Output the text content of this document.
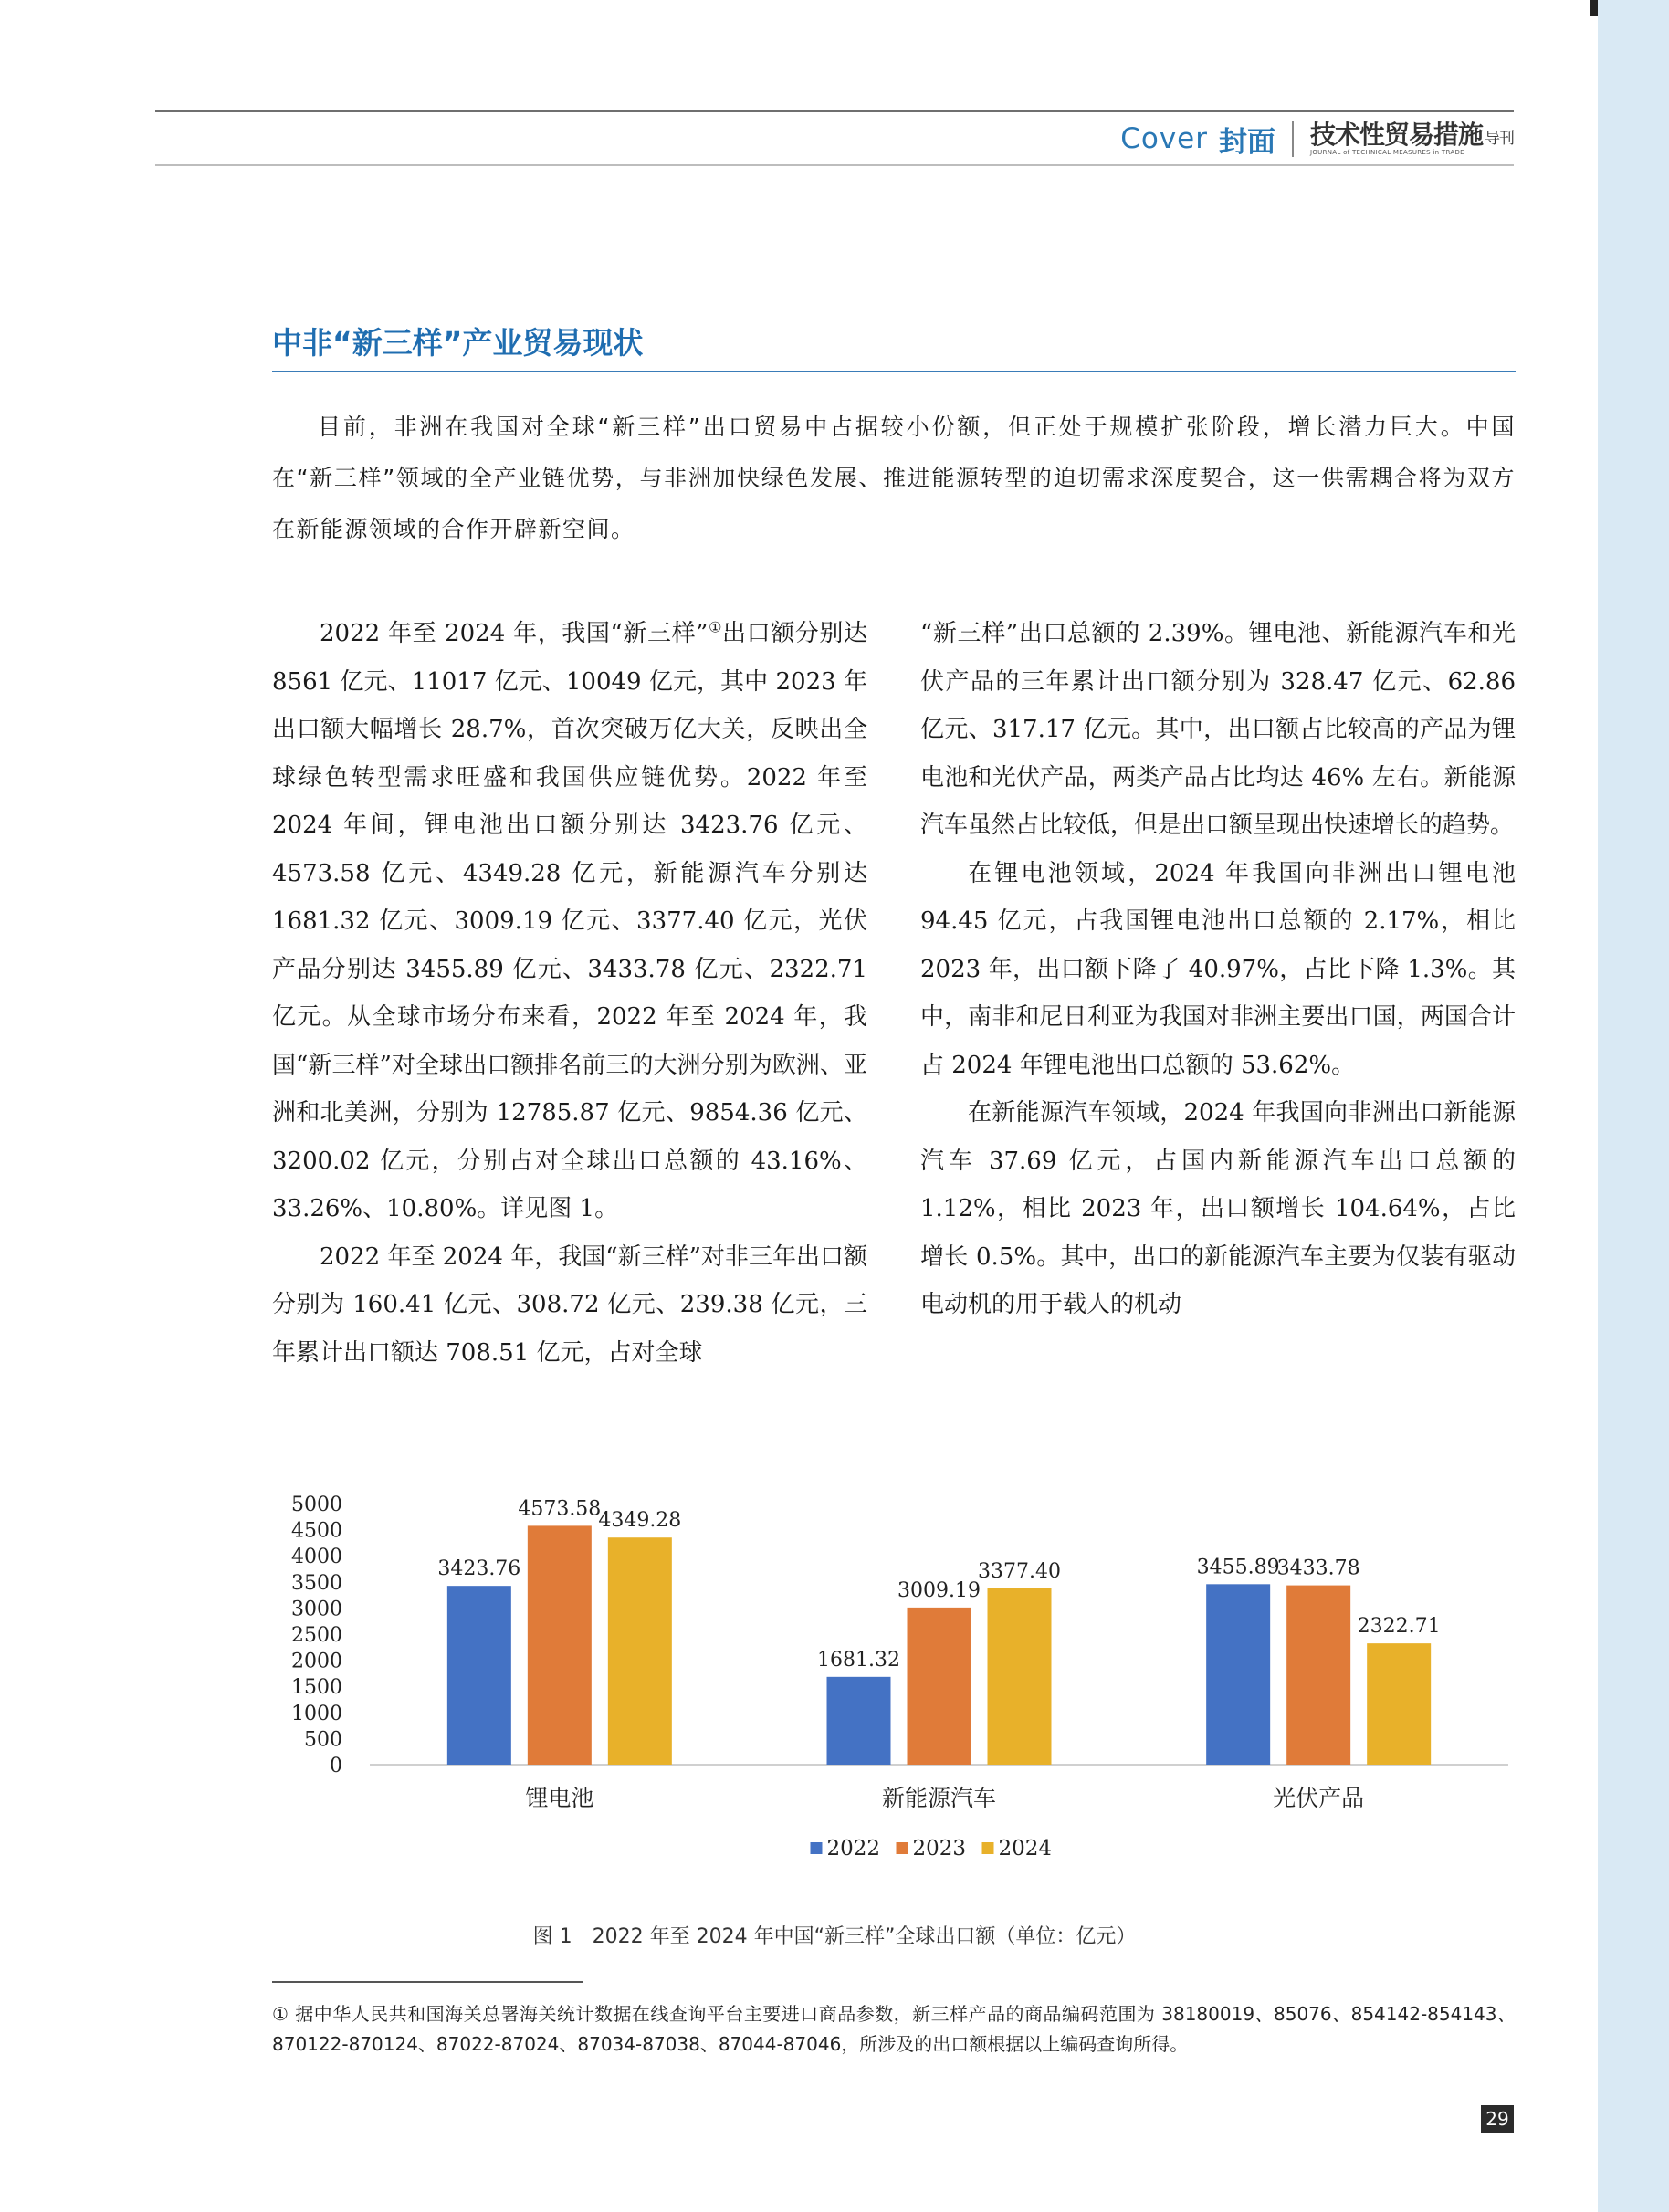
Cover 封面 技术性贸易措施 导刊
JOURNAL of TECHNICAL MEASURES in TRADE
中非“新三样”产业贸易现状

目前，非洲在我国对全球“新三样”出口贸易中占据较小份额，但正处于规模扩张阶段，增长潜力巨大。中国在“新三样”领域的全产业链优势，与非洲加快绿色发展、推进能源转型的迫切需求深度契合，这一供需耦合将为双方在新能源领域的合作开辟新空间。

2022 年至 2024 年，我国“新三样”①出口额分别达 8561 亿元、11017 亿元、10049 亿元，其中 2023 年出口额大幅增长 28.7%，首次突破万亿大关，反映出全球绿色转型需求旺盛和我国供应链优势。2022 年至 2024 年间，锂电池出口额分别达 3423.76 亿元、4573.58 亿元、4349.28 亿元，新能源汽车分别达 1681.32 亿元、3009.19 亿元、3377.40 亿元，光伏产品分别达 3455.89 亿元、3433.78 亿元、2322.71 亿元。从全球市场分布来看，2022 年至 2024 年，我国“新三样”对全球出口额排名前三的大洲分别为欧洲、亚洲和北美洲，分别为 12785.87 亿元、9854.36 亿元、3200.02 亿元，分别占对全球出口总额的 43.16%、33.26%、10.80%。详见图 1。

2022 年至 2024 年，我国“新三样”对非三年出口额分别为 160.41 亿元、308.72 亿元、239.38 亿元，三年累计出口额达 708.51 亿元，占对全球

“新三样”出口总额的 2.39%。锂电池、新能源汽车和光伏产品的三年累计出口额分别为 328.47 亿元、62.86 亿元、317.17 亿元。其中，出口额占比较高的产品为锂电池和光伏产品，两类产品占比均达 46% 左右。新能源汽车虽然占比较低，但是出口额呈现出快速增长的趋势。

在锂电池领域，2024 年我国向非洲出口锂电池 94.45 亿元，占我国锂电池出口总额的 2.17%，相比 2023 年，出口额下降了 40.97%，占比下降 1.3%。其中，南非和尼日利亚为我国对非洲主要出口国，两国合计占 2024 年锂电池出口总额的 53.62%。

在新能源汽车领域，2024 年我国向非洲出口新能源汽车 37.69 亿元，占国内新能源汽车出口总额的 1.12%，相比 2023 年，出口额增长 104.64%，占比增长 0.5%。其中，出口的新能源汽车主要为仅装有驱动电动机的用于载人的机动

0
500
1000
1500
2000
2500
3000
3500
4000
4500
5000
3423.76
4573.58
4349.28
锂电池
1681.32
3009.19
3377.40
新能源汽车
3455.89
3433.78
2322.71
光伏产品
2022 2023 2024

图 1　2022 年至 2024 年中国“新三样”全球出口额（单位：亿元）

① 据中华人民共和国海关总署海关统计数据在线查询平台主要进口商品参数，新三样产品的商品编码范围为 38180019、85076、854142-854143、870122-870124、87022-87024、87034-87038、87044-87046，所涉及的出口额根据以上编码查询所得。

29
